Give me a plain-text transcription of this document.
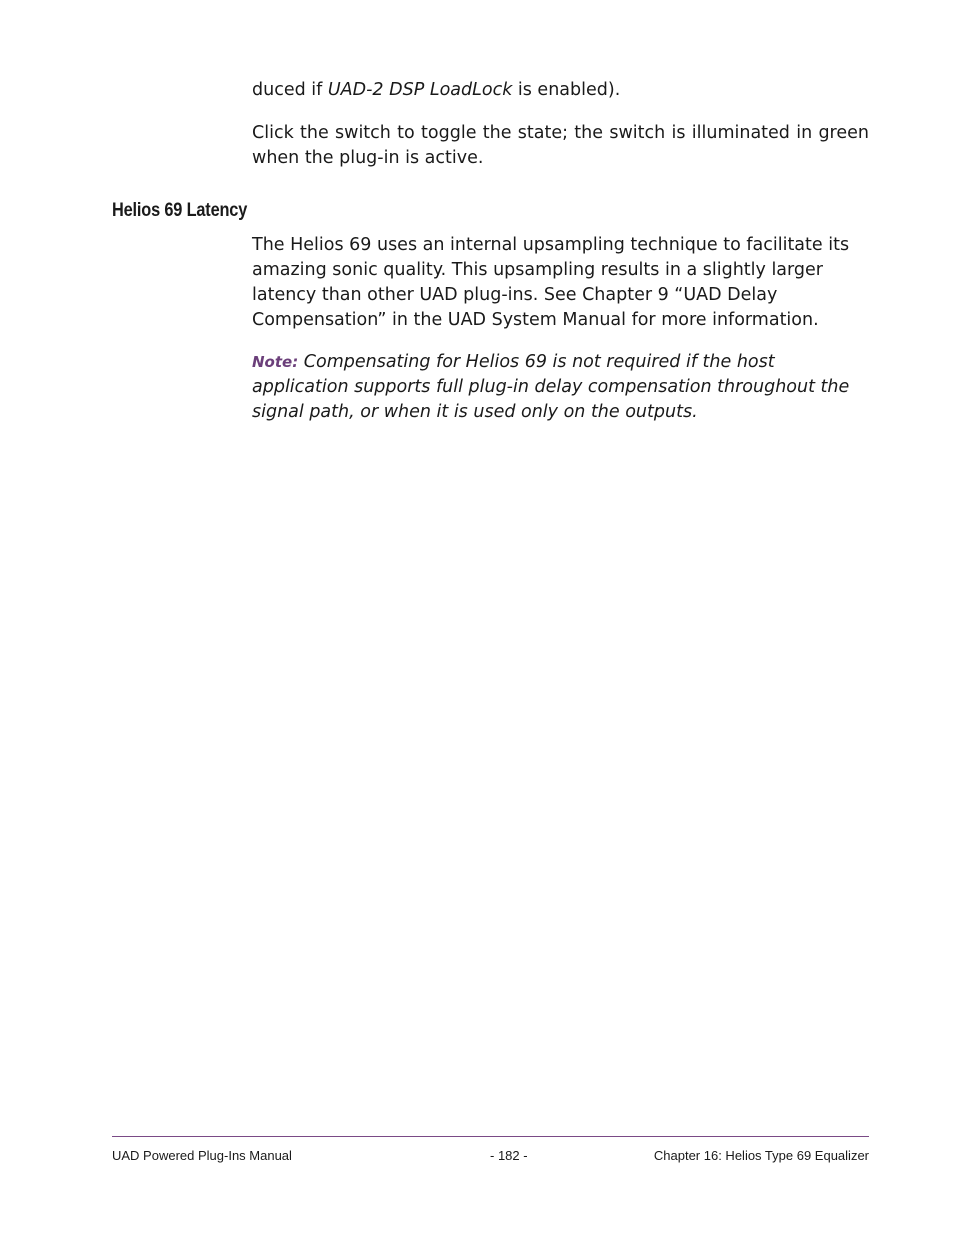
duced if UAD-2 DSP LoadLock is enabled).

Click the switch to toggle the state; the switch is illuminated in green when the plug-in is active.

Helios 69 Latency

The Helios 69 uses an internal upsampling technique to facilitate its amazing sonic quality. This upsampling results in a slightly larger latency than other UAD plug-ins. See Chapter 9 “UAD Delay Compensation” in the UAD System Manual for more information.

Note: Compensating for Helios 69 is not required if the host application supports full plug-in delay compensation throughout the signal path, or when it is used only on the outputs.

UAD Powered Plug-Ins Manual	- 182 -	Chapter 16: Helios Type 69 Equalizer
